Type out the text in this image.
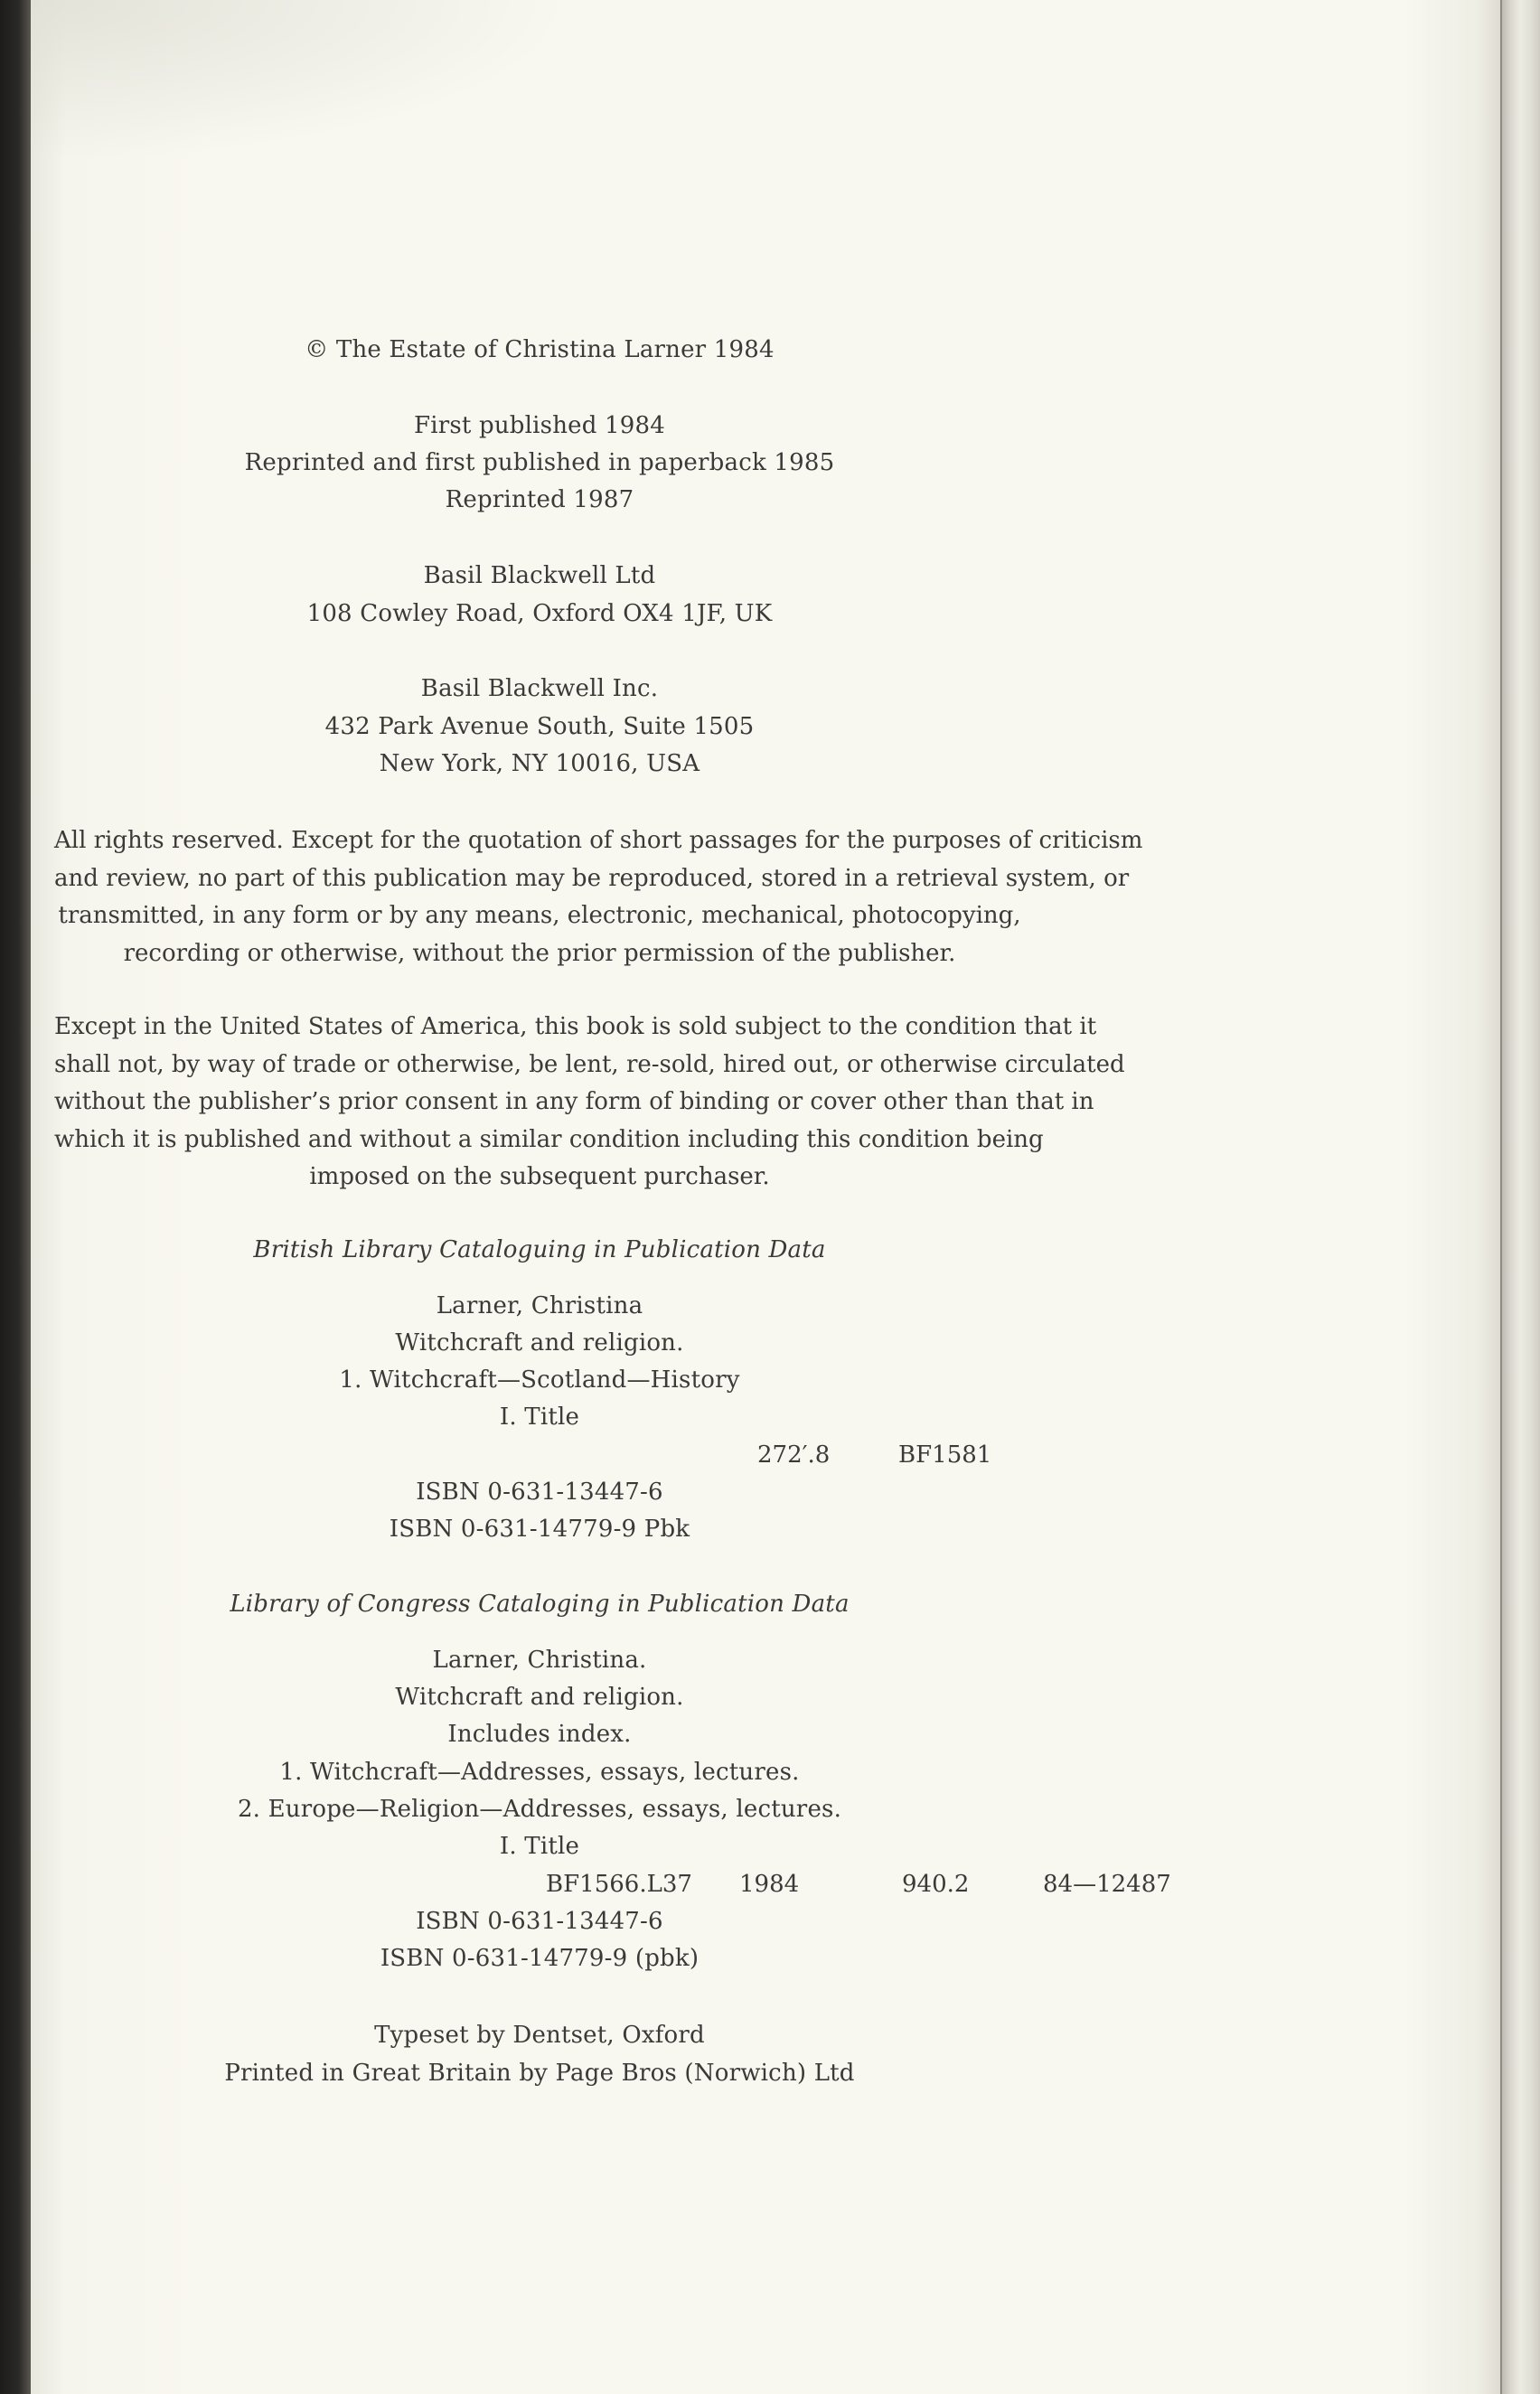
© The Estate of Christina Larner 1984
First published 1984
Reprinted and first published in paperback 1985
Reprinted 1987
Basil Blackwell Ltd
108 Cowley Road, Oxford OX4 1JF, UK
Basil Blackwell Inc.
432 Park Avenue South, Suite 1505
New York, NY 10016, USA
All rights reserved. Except for the quotation of short passages for the purposes of criticism
and review, no part of this publication may be reproduced, stored in a retrieval system, or
transmitted, in any form or by any means, electronic, mechanical, photocopying,
recording or otherwise, without the prior permission of the publisher.
Except in the United States of America, this book is sold subject to the condition that it
shall not, by way of trade or otherwise, be lent, re-sold, hired out, or otherwise circulated
without the publisher’s prior consent in any form of binding or cover other than that in
which it is published and without a similar condition including this condition being
imposed on the subsequent purchaser.
British Library Cataloguing in Publication Data
Larner, Christina
Witchcraft and religion.
1. Witchcraft—Scotland—History
I. Title
272′.8	BF1581
ISBN 0-631-13447-6
ISBN 0-631-14779-9 Pbk
Library of Congress Cataloging in Publication Data
Larner, Christina.
Witchcraft and religion.
Includes index.
1. Witchcraft—Addresses, essays, lectures.
2. Europe—Religion—Addresses, essays, lectures.
I. Title
BF1566.L37 1984	940.2	84—12487
ISBN 0-631-13447-6
ISBN 0-631-14779-9 (pbk)
Typeset by Dentset, Oxford
Printed in Great Britain by Page Bros (Norwich) Ltd
